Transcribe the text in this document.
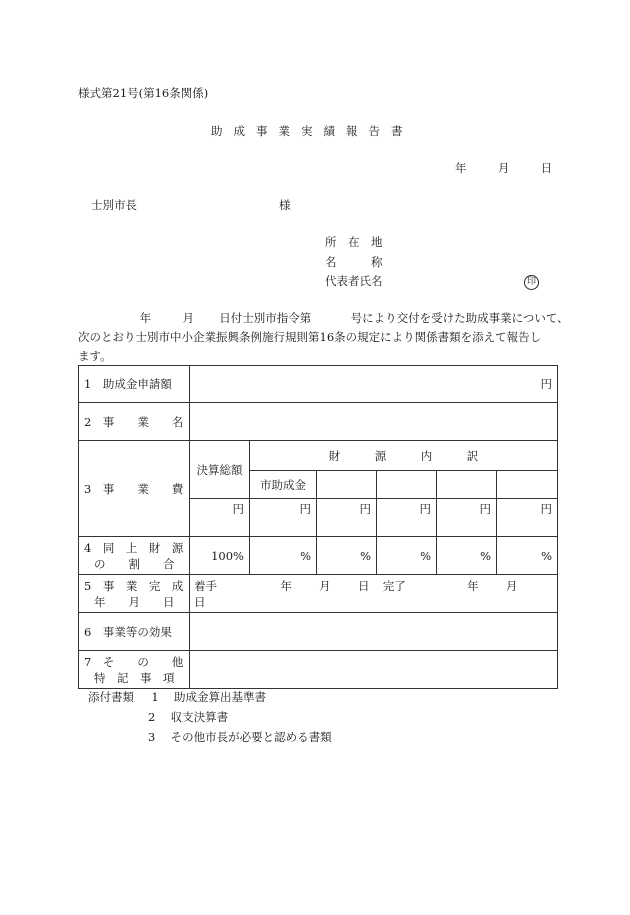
様式第21号(第16条関係)
助 成 事 業 実 績 報 告 書
年	月	日
士別市長	様
所　在　地
名　　　称
代表者氏名	印
年	月 日付士別市指令第	号により交付を受けた助成事業について、
次のとおり士別市中小企業振興条例施行規則第16条の規定により関係書類を添えて報告し
ます。
1　助成金申請額	円					
2　事　　業　　名						
3　事　　業　　費	決算総額	財　　　源　　　内　　　訳				
		市助成金				
	円	円	円	円	円	円

4　同　上　財　源
の　　割　　合	100%	%	%	%	%	%

5　事　業　完　成
年　　月　　日	着手 年 月 日 完了 年 月  日					
6　事業等の効果						

7　そ　　の　　他
特　記　事　項						

添付書類 1 助成金算出基準書
2 収支決算書
3 その他市長が必要と認める書類
